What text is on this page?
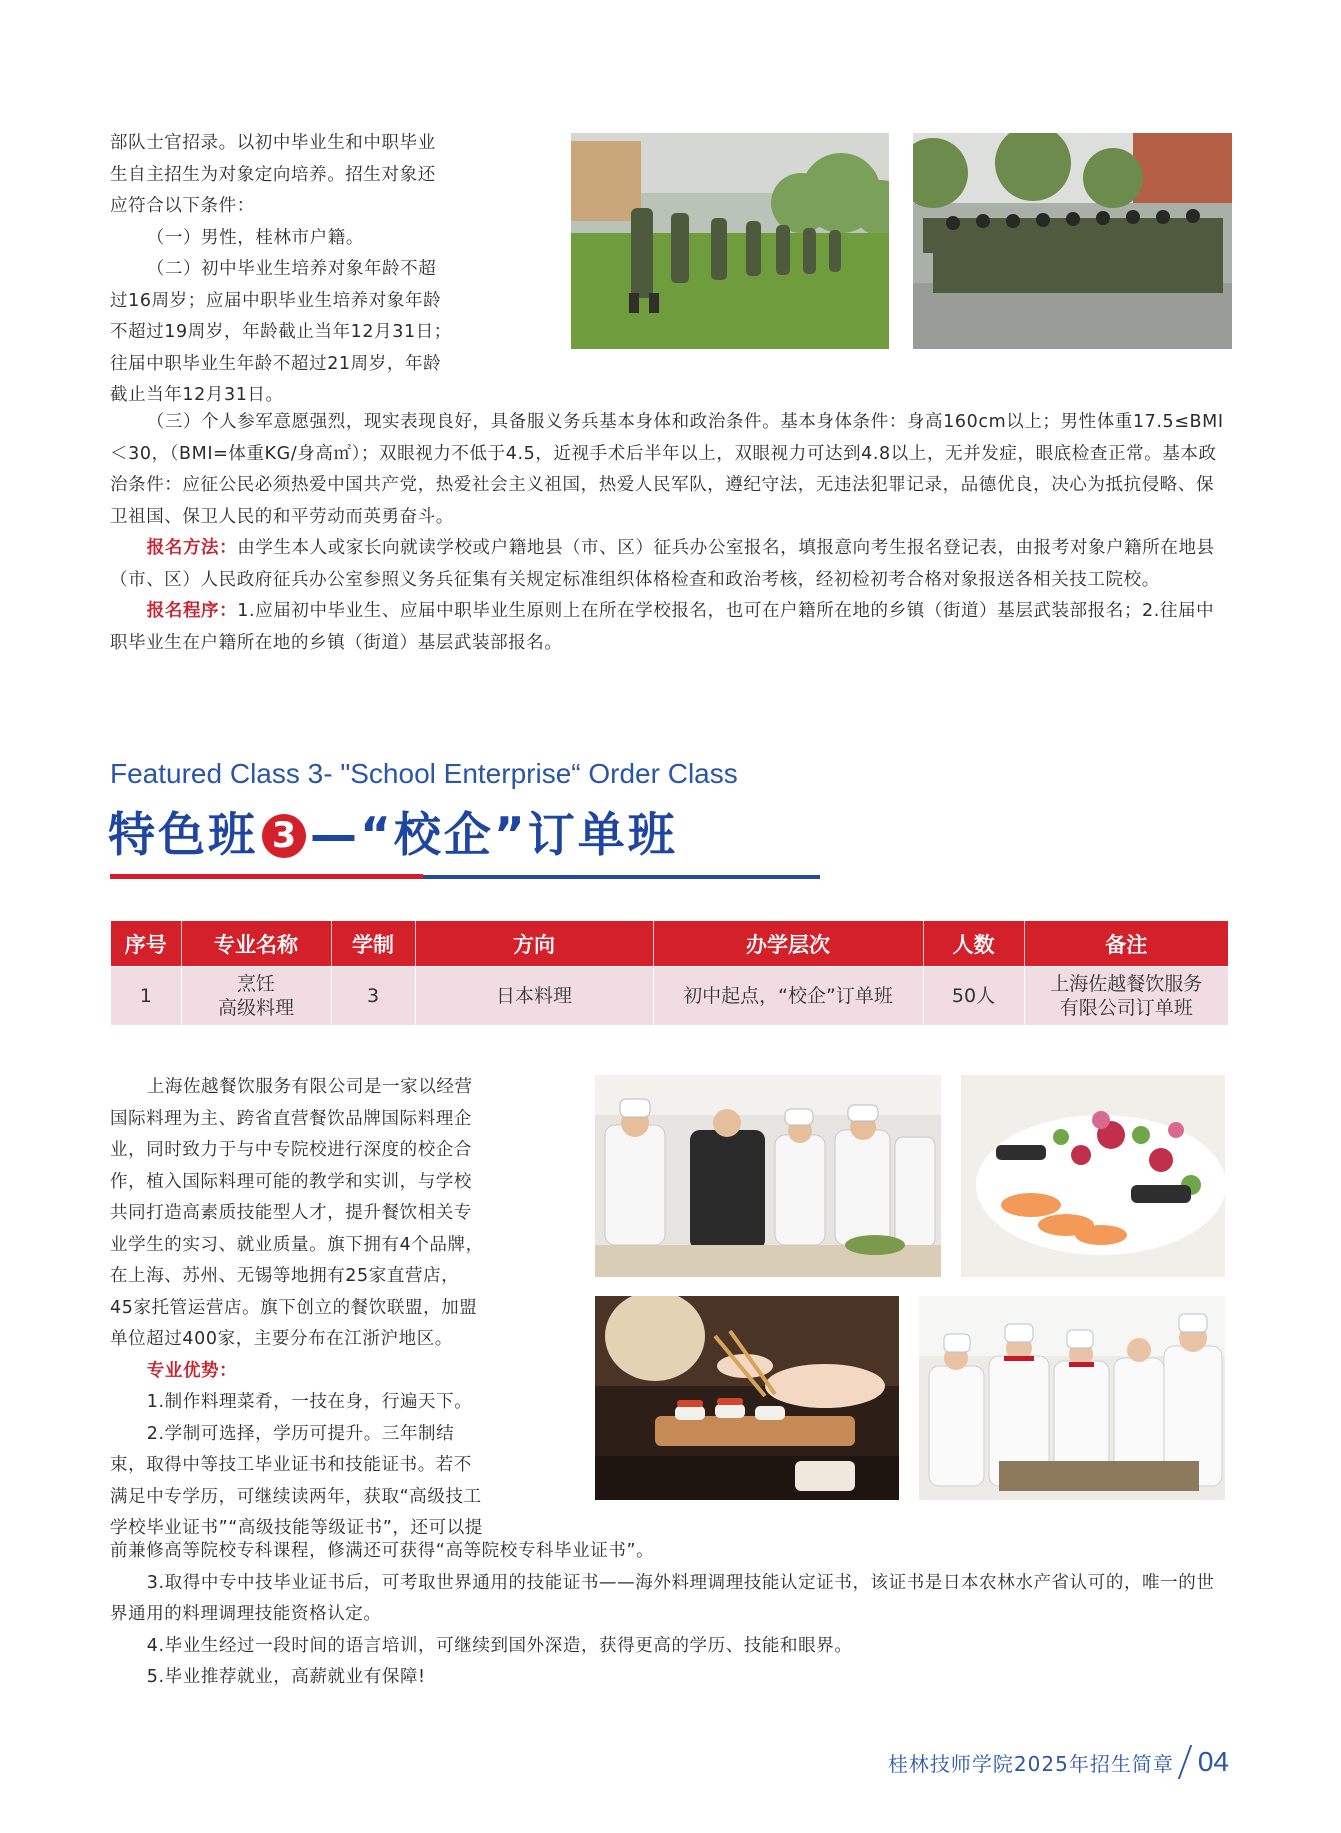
部队士官招录。以初中毕业生和中职毕业

生自主招生为对象定向培养。招生对象还

应符合以下条件：

（一）男性，桂林市户籍。

（二）初中毕业生培养对象年龄不超

过16周岁；应届中职毕业生培养对象年龄

不超过19周岁，年龄截止当年12月31日；

往届中职毕业生年龄不超过21周岁，年龄

截止当年12月31日。

（三）个人参军意愿强烈，现实表现良好，具备服义务兵基本身体和政治条件。基本身体条件：身高160cm以上；男性体重17.5≤BMI＜30，（BMI=体重KG/身高㎡）；双眼视力不低于4.5，近视手术后半年以上，双眼视力可达到4.8以上，无并发症，眼底检查正常。基本政治条件：应征公民必须热爱中国共产党，热爱社会主义祖国，热爱人民军队，遵纪守法，无违法犯罪记录，品德优良，决心为抵抗侵略、保卫祖国、保卫人民的和平劳动而英勇奋斗。

报名方法：由学生本人或家长向就读学校或户籍地县（市、区）征兵办公室报名，填报意向考生报名登记表，由报考对象户籍所在地县（市、区）人民政府征兵办公室参照义务兵征集有关规定标准组织体格检查和政治考核，经初检初考合格对象报送各相关技工院校。

报名程序：1.应届初中毕业生、应届中职毕业生原则上在所在学校报名，也可在户籍所在地的乡镇（街道）基层武装部报名；2.往届中职毕业生在户籍所在地的乡镇（街道）基层武装部报名。

Featured Class 3- "School Enterprise“ Order Class
特色班 3 —“校企”订单班
序号	专业名称	学制	方向	办学层次	人数	备注
1	烹饪
高级料理	3	日本料理	初中起点，“校企”订单班	50人	上海佐越餐饮服务
有限公司订单班

上海佐越餐饮服务有限公司是一家以经营

国际料理为主、跨省直营餐饮品牌国际料理企

业，同时致力于与中专院校进行深度的校企合

作，植入国际料理可能的教学和实训，与学校

共同打造高素质技能型人才，提升餐饮相关专

业学生的实习、就业质量。旗下拥有4个品牌，

在上海、苏州、无锡等地拥有25家直营店，

45家托管运营店。旗下创立的餐饮联盟，加盟

单位超过400家，主要分布在江浙沪地区。

专业优势：

1.制作料理菜肴，一技在身，行遍天下。

2.学制可选择，学历可提升。三年制结

束，取得中等技工毕业证书和技能证书。若不

满足中专学历，可继续读两年，获取“高级技工

学校毕业证书”“高级技能等级证书”，还可以提

前兼修高等院校专科课程，修满还可获得“高等院校专科毕业证书”。

3.取得中专中技毕业证书后，可考取世界通用的技能证书——海外料理调理技能认定证书，该证书是日本农林水产省认可的，唯一的世界通用的料理调理技能资格认定。

4.毕业生经过一段时间的语言培训，可继续到国外深造，获得更高的学历、技能和眼界。

5.毕业推荐就业，高薪就业有保障!

桂林技师学院2025年招生简章 04
